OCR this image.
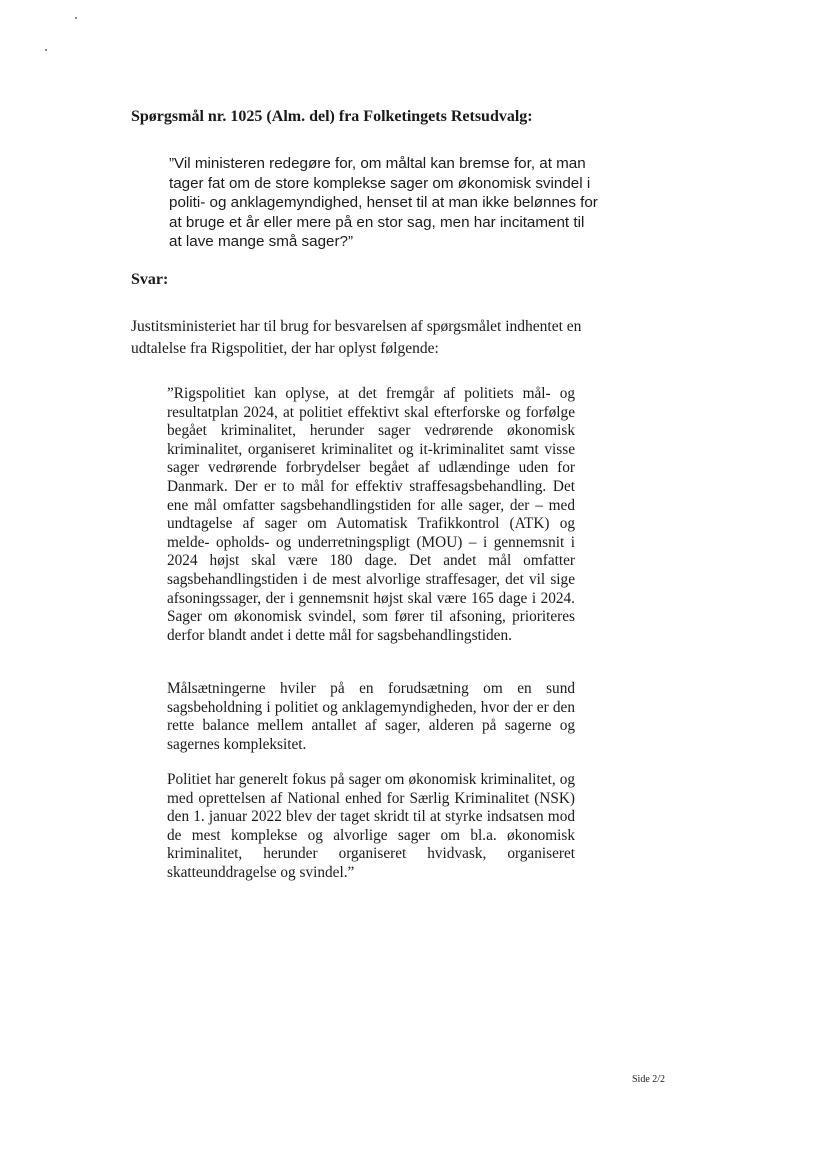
Spørgsmål nr. 1025 (Alm. del) fra Folketingets Retsudvalg:

”Vil ministeren redegøre for, om måltal kan bremse for, at man tager fat om de store komplekse sager om økonomisk svindel i politi- og anklagemyndighed, henset til at man ikke belønnes for at bruge et år eller mere på en stor sag, men har incitament til at lave mange små sager?”

Svar:

Justitsministeriet har til brug for besvarelsen af spørgsmålet indhentet en udtalelse fra Rigspolitiet, der har oplyst følgende:

”Rigspolitiet kan oplyse, at det fremgår af politiets mål- og resultatplan 2024, at politiet effektivt skal efterforske og forfølge begået kriminalitet, herunder sager vedrørende økonomisk kriminalitet, organiseret kriminalitet og it-kriminalitet samt visse sager vedrørende forbrydelser begået af udlændinge uden for Danmark. Der er to mål for effektiv straffesagsbehandling. Det ene mål omfatter sagsbehandlingstiden for alle sager, der – med undtagelse af sager om Automatisk Trafikkontrol (ATK) og melde- opholds- og underretningspligt (MOU) – i gennemsnit i 2024 højst skal være 180 dage. Det andet mål omfatter sagsbehandlingstiden i de mest alvorlige straffesager, det vil sige afsoningssager, der i gennemsnit højst skal være 165 dage i 2024. Sager om økonomisk svindel, som fører til afsoning, prioriteres derfor blandt andet i dette mål for sagsbehandlingstiden.

Målsætningerne hviler på en forudsætning om en sund sagsbeholdning i politiet og anklagemyndigheden, hvor der er den rette balance mellem antallet af sager, alderen på sagerne og sagernes kompleksitet.

Politiet har generelt fokus på sager om økonomisk kriminalitet, og med oprettelsen af National enhed for Særlig Kriminalitet (NSK) den 1. januar 2022 blev der taget skridt til at styrke indsatsen mod de mest komplekse og alvorlige sager om bl.a. økonomisk kriminalitet, herunder organiseret hvidvask, organiseret skatteunddragelse og svindel.”

Side 2/2
